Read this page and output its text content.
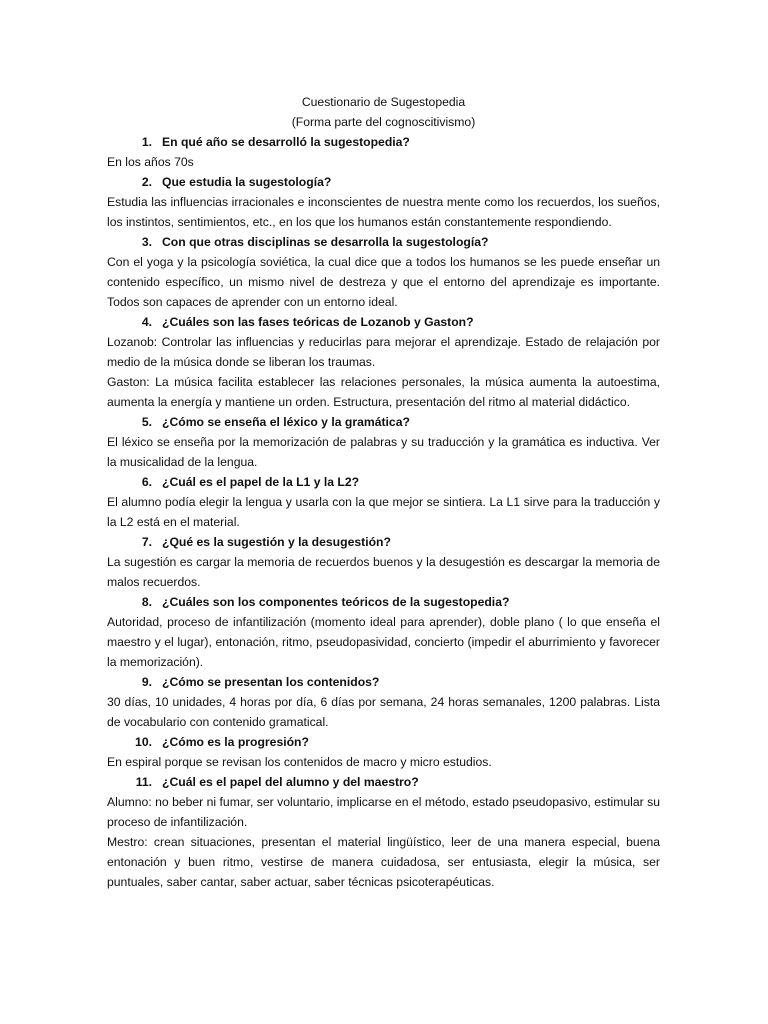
Cuestionario de Sugestopedia
(Forma parte del cognoscitivismo)
1. En qué año se desarrolló la sugestopedia?

En los años 70s

2. Que estudia la sugestología?

Estudia las influencias irracionales e inconscientes de nuestra mente como los recuerdos, los sueños, los instintos, sentimientos, etc., en los que los humanos están constantemente respondiendo.

3. Con que otras disciplinas se desarrolla la sugestología?

Con el yoga y la psicología soviética, la cual dice que a todos los humanos se les puede enseñar un contenido específico, un mismo nivel de destreza y que el entorno del aprendizaje es importante. Todos son capaces de aprender con un entorno ideal.

4. ¿Cuáles son las fases teóricas de Lozanob y Gaston?

Lozanob: Controlar las influencias y reducirlas para mejorar el aprendizaje. Estado de relajación por medio de la música donde se liberan los traumas.

Gaston: La música facilita establecer las relaciones personales, la música aumenta la autoestima, aumenta la energía y mantiene un orden. Estructura, presentación del ritmo al material didáctico.

5. ¿Cómo se enseña el léxico y la gramática?

El léxico se enseña por la memorización de palabras y su traducción y la gramática es inductiva. Ver la musicalidad de la lengua.

6. ¿Cuál es el papel de la L1 y la L2?

El alumno podía elegir la lengua y usarla con la que mejor se sintiera. La L1 sirve para la traducción y la L2 está en el material.

7. ¿Qué es la sugestión y la desugestión?

La sugestión es cargar la memoria de recuerdos buenos y la desugestión es descargar la memoria de malos recuerdos.

8. ¿Cuáles son los componentes teóricos de la sugestopedia?

Autoridad, proceso de infantilización (momento ideal para aprender), doble plano ( lo que enseña el maestro y el lugar), entonación, ritmo, pseudopasividad, concierto (impedir el aburrimiento y favorecer la memorización).

9. ¿Cómo se presentan los contenidos?

30 días, 10 unidades, 4 horas por día, 6 días por semana, 24 horas semanales, 1200 palabras. Lista de vocabulario con contenido gramatical.

10. ¿Cómo es la progresión?

En espiral porque se revisan los contenidos de macro y micro estudios.

11. ¿Cuál es el papel del alumno y del maestro?

Alumno: no beber ni fumar, ser voluntario, implicarse en el método, estado pseudopasivo, estimular su proceso de infantilización.

Mestro: crean situaciones, presentan el material lingüístico, leer de una manera especial, buena entonación y buen ritmo, vestirse de manera cuidadosa, ser entusiasta, elegir la música, ser puntuales, saber cantar, saber actuar, saber técnicas psicoterapéuticas.
